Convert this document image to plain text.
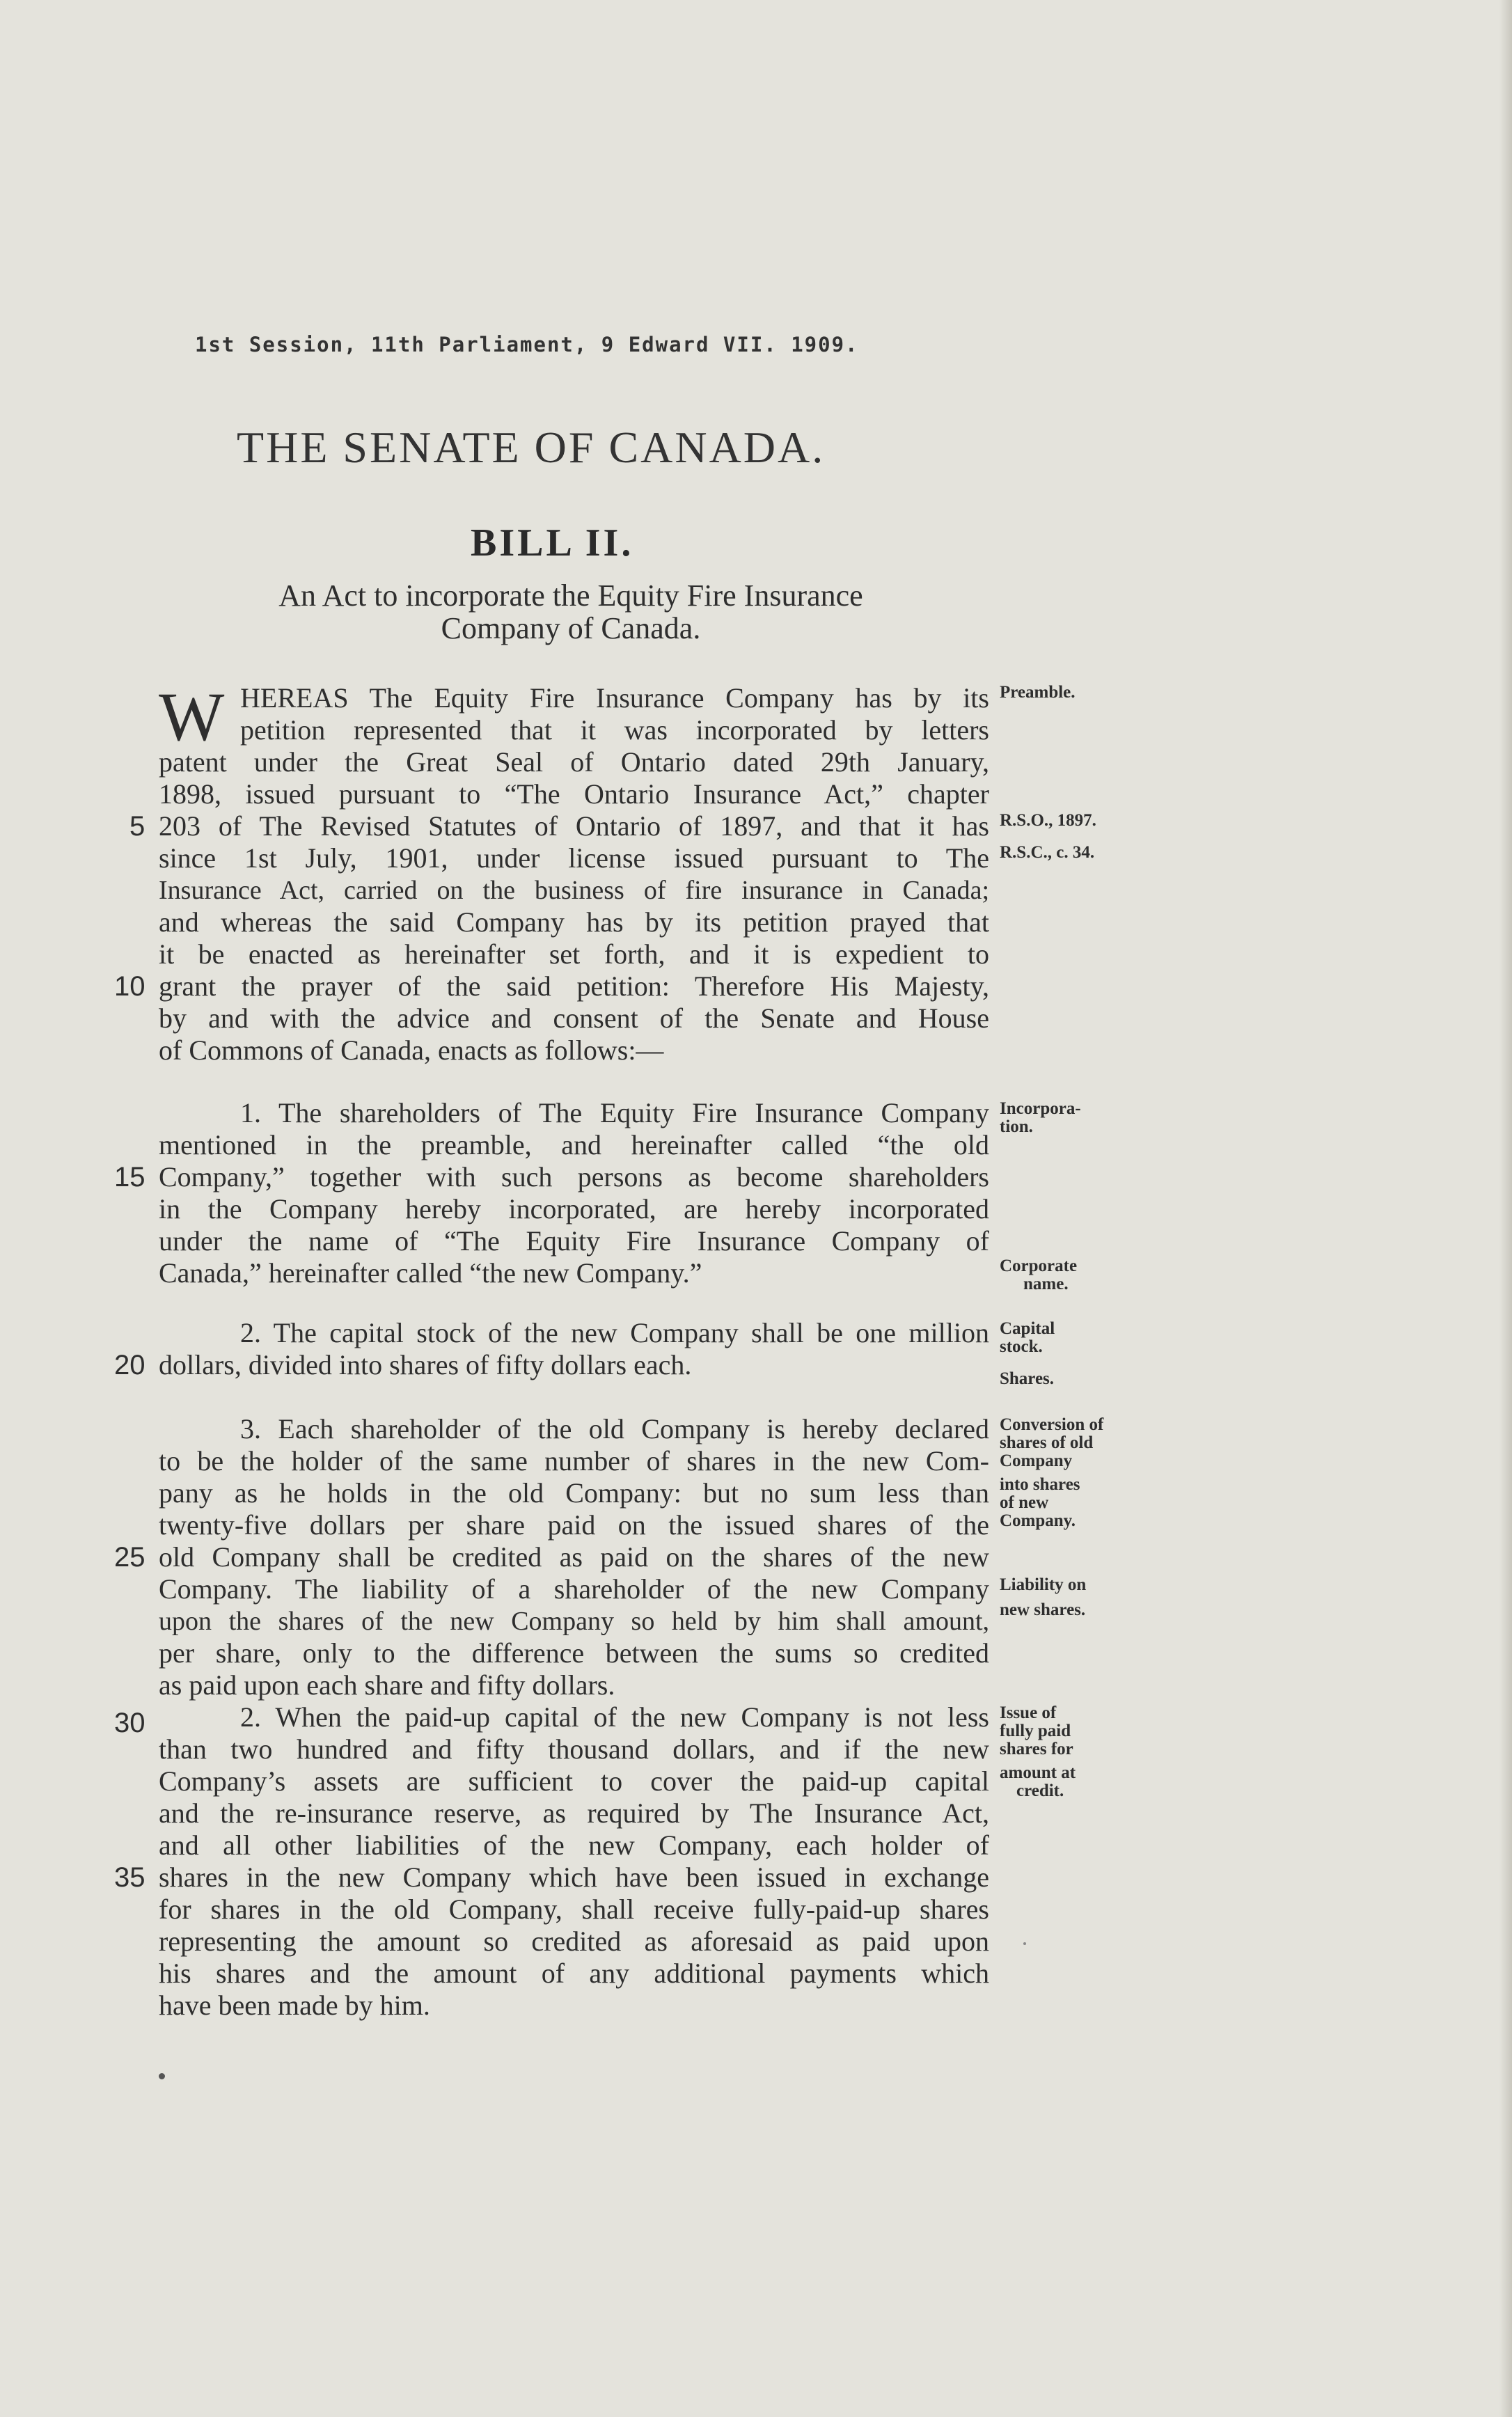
1st Session, 11th Parliament, 9 Edward VII. 1909.
THE SENATE OF CANADA.
BILL II.
An Act to incorporate the Equity Fire Insurance
Company of Canada.
W HEREAS The Equity Fire Insurance Company has by its
petition represented that it was incorporated by letters
patent under the Great Seal of Ontario dated 29th January,
1898, issued pursuant to “The Ontario Insurance Act,” chapter
203 of The Revised Statutes of Ontario of 1897, and that it has
since 1st July, 1901, under license issued pursuant to The
Insurance Act, carried on the business of fire insurance in Canada;
and whereas the said Company has by its petition prayed that
it be enacted as hereinafter set forth, and it is expedient to
grant the prayer of the said petition: Therefore His Majesty,
by and with the advice and consent of the Senate and House
of Commons of Canada, enacts as follows:—
1. The shareholders of The Equity Fire Insurance Company
mentioned in the preamble, and hereinafter called “the old
Company,” together with such persons as become shareholders
in the Company hereby incorporated, are hereby incorporated
under the name of “The Equity Fire Insurance Company of
Canada,” hereinafter called “the new Company.”
2. The capital stock of the new Company shall be one million
dollars, divided into shares of fifty dollars each.
3. Each shareholder of the old Company is hereby declared
to be the holder of the same number of shares in the new Com-
pany as he holds in the old Company: but no sum less than
twenty-five dollars per share paid on the issued shares of the
old Company shall be credited as paid on the shares of the new
Company. The liability of a shareholder of the new Company
upon the shares of the new Company so held by him shall amount,
per share, only to the difference between the sums so credited
as paid upon each share and fifty dollars.
2. When the paid-up capital of the new Company is not less
than two hundred and fifty thousand dollars, and if the new
Company’s assets are sufficient to cover the paid-up capital
and the re-insurance reserve, as required by The Insurance Act,
and all other liabilities of the new Company, each holder of
shares in the new Company which have been issued in exchange
for shares in the old Company, shall receive fully-paid-up shares
representing the amount so credited as aforesaid as paid upon
his shares and the amount of any additional payments which
have been made by him.
5
10
15
20
25
30
35
Preamble.
R.S.O., 1897.
R.S.C., c. 34.
Incorpora-
tion.
Corporate
name.
Capital
stock.
Shares.
Conversion of
shares of old
Company
into shares
of new
Company.
Liability on
new shares.
Issue of
fully paid
shares for
amount at
credit.
